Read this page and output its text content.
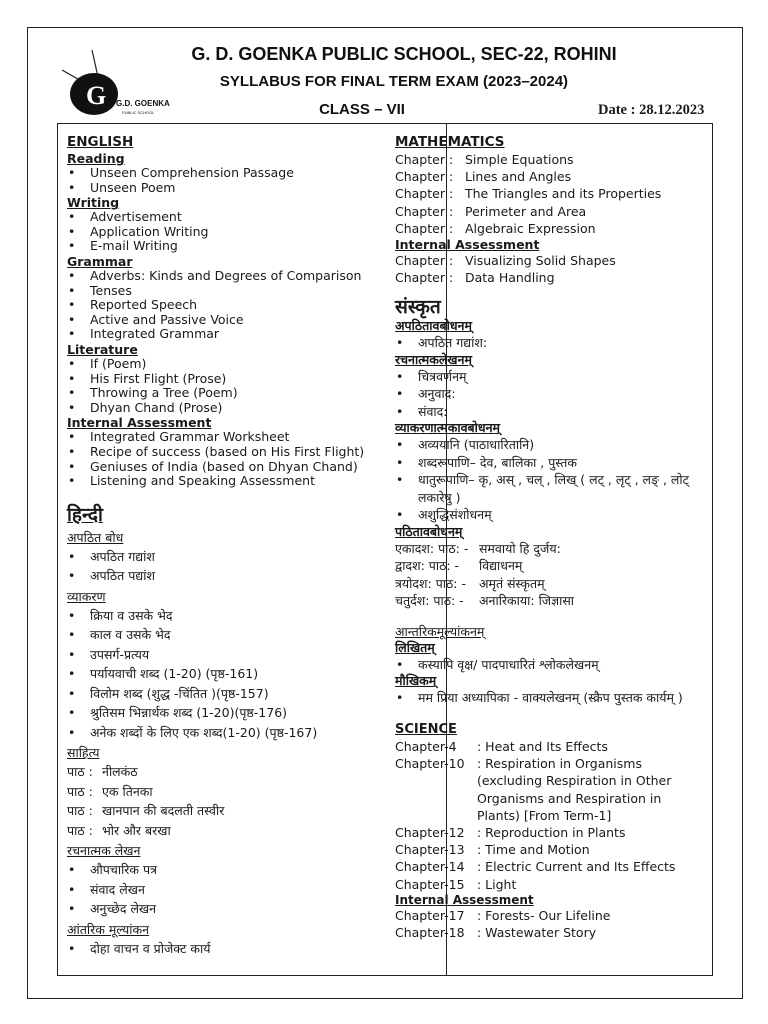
G G.D. GOENKA
PUBLIC SCHOOL
G. D. GOENKA PUBLIC SCHOOL, SEC-22, ROHINI
SYLLABUS FOR FINAL TERM EXAM (2023–2024)
CLASS – VII	Date : 28.12.2023
ENGLISH
Reading
• Unseen Comprehension Passage
• Unseen Poem
Writing
• Advertisement
• Application Writing
• E-mail Writing
Grammar
• Adverbs: Kinds and Degrees of Comparison
• Tenses
• Reported Speech
• Active and Passive Voice
• Integrated Grammar
Literature
• If (Poem)
• His First Flight (Prose)
• Throwing a Tree (Poem)
• Dhyan Chand (Prose)
Internal Assessment
• Integrated Grammar Worksheet
• Recipe of success (based on His First Flight)
• Geniuses of India (based on Dhyan Chand)
• Listening and Speaking Assessment
हिन्दी
अपठित बोध
• अपठित गद्यांश
• अपठित पद्यांश
व्याकरण
• क्रिया व उसके भेद
• काल व उसके भेद
• उपसर्ग-प्रत्यय
• पर्यायवाची शब्द (1-20) (पृष्ठ-161)
• विलोम शब्द (शुद्ध -चिंतित )(पृष्ठ-157)
• श्रुतिसम भिन्नार्थक शब्द (1-20)(पृष्ठ-176)
• अनेक शब्दों के लिए एक शब्द(1-20) (पृष्ठ-167)
साहित्य
पाठ : नीलकंठ
पाठ : एक तिनका
पाठ : खानपान की बदलती तस्वीर
पाठ : भोर और बरखा
रचनात्मक लेखन
• औपचारिक पत्र
• संवाद लेखन
• अनुच्छेद लेखन
आंतरिक मूल्यांकन
• दोहा वाचन व प्रोजेक्ट कार्य
MATHEMATICS
Chapter : Simple Equations
Chapter : Lines and Angles
Chapter : The Triangles and its Properties
Chapter : Perimeter and Area
Chapter : Algebraic Expression
Internal Assessment
Chapter : Visualizing Solid Shapes
Chapter : Data Handling
संस्कृत
अपठितावबोधनम्
• अपठित गद्यांश:
रचनात्मकलेखनम्
• चित्रवर्णनम्
• अनुवाद:
• संवाद:
व्याकरणात्मकावबोधनम्
• अव्ययानि (पाठाधारितानि)
• शब्दरूपाणि– देव, बालिका , पुस्तक
• धातुरूपाणि– कृ, अस् , चल् , लिख् ( लट् , लृट् , लङ् , लोट् लकारेषु )
• अशुद्धिसंशोधनम्
पठितावबोधनम्
एकादश: पाठ: - समवायो हि दुर्जय:
द्वादश: पाठ: - विद्याधनम्
त्रयोदश: पाठ: - अमृतं संस्कृतम्
चतुर्दश: पाठ: - अनारिकाया: जिज्ञासा
आन्तरिकमूल्यांकनम्
लिखितम्
• कस्यापि वृक्ष/ पादपाधारितं श्लोकलेखनम्
मौखिकम्
• मम प्रिया अध्यापिका - वाक्यलेखनम् (स्क्रैप पुस्तक कार्यम् )
SCIENCE
Chapter-4	: Heat and Its Effects
Chapter-10 : Respiration in Organisms (excluding Respiration in Other Organisms and Respiration in Plants) [From Term-1]
Chapter-12 : Reproduction in Plants
Chapter-13 : Time and Motion
Chapter-14 : Electric Current and Its Effects
Chapter-15 : Light
Internal Assessment
Chapter-17 : Forests- Our Lifeline
Chapter-18 : Wastewater Story
